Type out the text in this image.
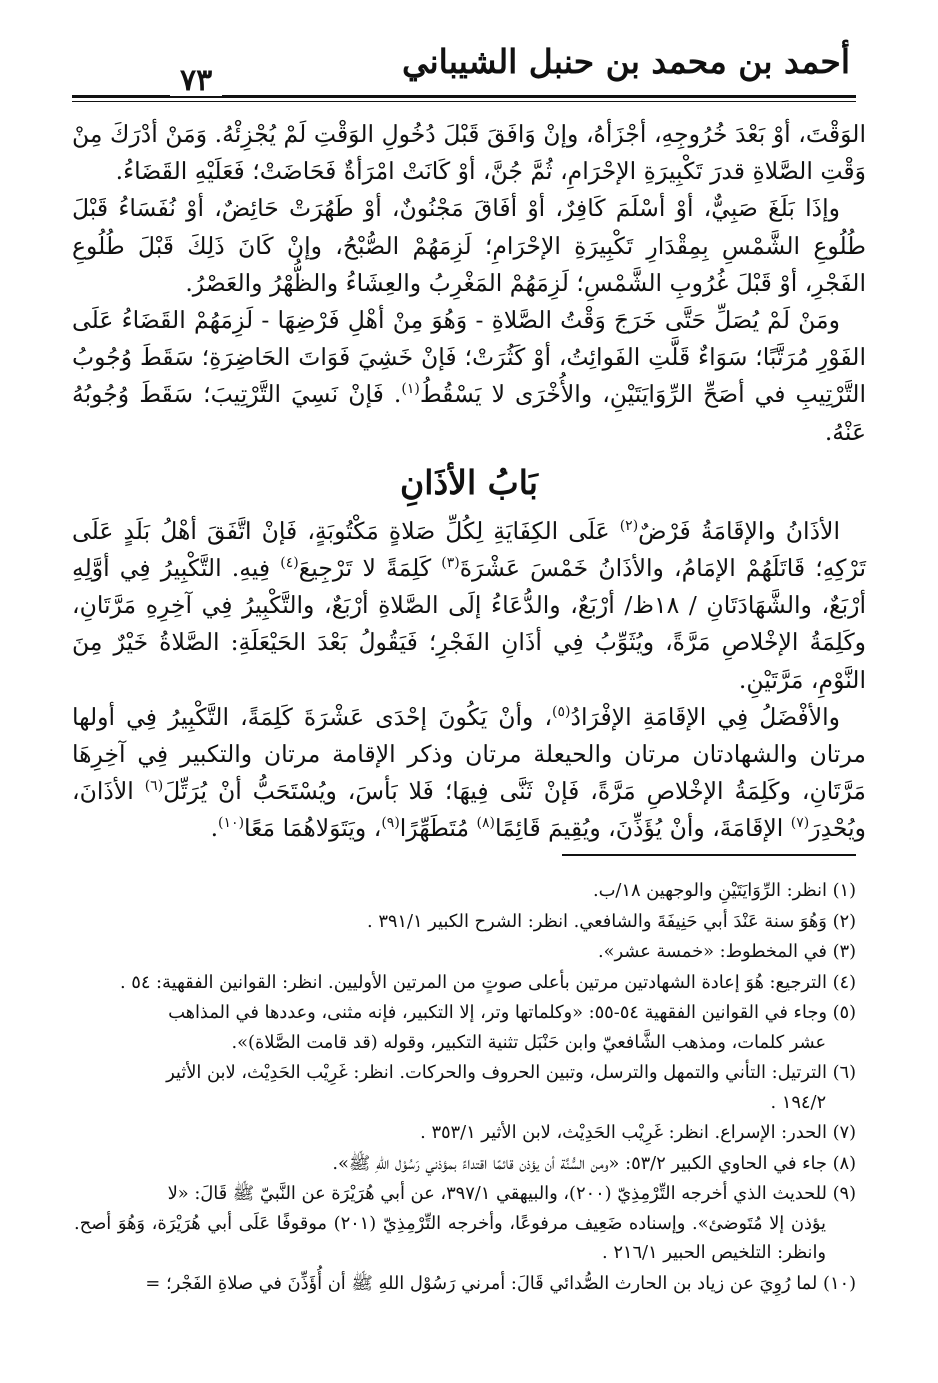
أحمد بن محمد بن حنبل الشيباني
٧٣

الوَقْتَ، أوْ بَعْدَ خُرُوجِهِ، أجْزَأهُ، وإنْ وَافَقَ قَبْلَ دُخُولِ الوَقْتِ لَمْ يُجْزِئْهُ. وَمَنْ أدْرَكَ مِنْ وَقْتِ الصَّلاةِ قدرَ تَكْبِيرَةِ الإحْرَامِ، ثُمَّ جُنَّ، أوْ كَانَتْ امْرَأةٌ فَحَاضَتْ؛ فَعَلَيْهِ القَضَاءُ.

وإذَا بَلَغَ صَبِيٌّ، أوْ أسْلَمَ كَافِرٌ، أوْ أفَاقَ مَجْنُونٌ، أوْ طَهُرَتْ حَائِضٌ، أوْ نُفَسَاءُ قَبْلَ طُلُوعِ الشَّمْسِ بِمِقْدَارِ تَكْبِيرَةِ الإحْرَامِ؛ لَزِمَهُمْ الصُّبْحُ، وإنْ كَانَ ذَلِكَ قَبْلَ طُلُوعِ الفَجْرِ، أوْ قَبْلَ غُرُوبِ الشَّمْسِ؛ لَزِمَهُمْ المَغْرِبُ والعِشَاءُ والظُّهْرُ والعَصْرُ.

ومَنْ لَمْ يُصَلِّ حَتَّى خَرَجَ وَقْتُ الصَّلاةِ - وَهُوَ مِنْ أهْلِ فَرْضِهَا - لَزِمَهُمْ القَضَاءُ عَلَى الفَوْرِ مُرَتَّبًا؛ سَوَاءٌ قَلَّتِ الفَوائِتُ، أوْ كَثُرَتْ؛ فَإنْ خَشِيَ فَوَاتَ الحَاضِرَةِ؛ سَقَطَ وُجُوبُ التَّرْتِيبِ في أصَحِّ الرِّوَايَتَيْنِ، والأُخْرَى لا يَسْقُطُ$^{(١)}$. فَإنْ نَسِيَ التَّرْتِيبَ؛ سَقَطَ وُجُوبُهُ عَنْهُ.

بَابُ الأذَانِ

الأذَانُ والإقَامَةُ فَرْضٌ$^{(٢)}$ عَلَى الكِفَايَةِ لِكُلِّ صَلاةٍ مَكْتُوبَةٍ، فَإنْ اتَّفَقَ أهْلُ بَلَدٍ عَلَى تَرْكِهِ؛ قَاتَلَهُمْ الإمَامُ، والأذَانُ خَمْسَ عَشْرَةَ$^{(٣)}$ كَلِمَةً لا تَرْجِيعَ$^{(٤)}$ فِيهِ. التَّكْبِيرُ فِي أوَّلِهِ أرْبَعٌ، والشَّهَادَتَانِ / ١٨ظ/ أرْبَعٌ، والدُّعَاءُ إلَى الصَّلاةِ أرْبَعٌ، والتَّكْبِيرُ فِي آخِرِهِ مَرَّتَانِ، وكَلِمَةُ الإخْلاصِ مَرَّةً، ويُثَوِّبُ فِي أذَانِ الفَجْرِ؛ فَيَقُولُ بَعْدَ الحَيْعَلَةِ: الصَّلاةُ خَيْرٌ مِنَ النَّوْمِ، مَرَّتَيْنِ.

والأفْضَلُ فِي الإقَامَةِ الإفْرَادُ$^{(٥)}$، وأنْ يَكُونَ إحْدَى عَشْرَةَ كَلِمَةً، التَّكْبِيرُ فِي أولها مرتان والشهادتان مرتان والحيعلة مرتان وذكر الإقامة مرتان والتكبير فِي آخِرِهَا مَرَّتَانِ، وكَلِمَةُ الإخْلاصِ مَرَّةً، فَإنْ ثَنَّى فِيهَا؛ فَلا بَأسَ، ويُسْتَحَبُّ أنْ يُرَتِّلَ$^{(٦)}$ الأذَانَ، ويُحْدِرَ$^{(٧)}$ الإقَامَةَ، وأنْ يُؤَذِّنَ، ويُقِيمَ قَائِمًا$^{(٨)}$ مُتَطَهِّرًا$^{(٩)}$، ويَتَوَلاهُمَا مَعًا$^{(١٠)}$.

(١) انظر: الرِّوَايَتَيْنِ والوجهين ١٨/ب.

(٢) وَهُوَ سنة عَنْدَ أبي حَنِيفَةَ والشافعي. انظر: الشرح الكبير ٣٩١/١ .

(٣) في المخطوط: «خمسة عشر».

(٤) الترجيع: هُوَ إعادة الشهادتين مرتين بأعلى صوتٍ من المرتين الأوليين. انظر: القوانين الفقهية: ٥٤ .

(٥) وجاء في القوانين الفقهية ٥٤-٥٥: «وكلماتها وتر، إلا التكبير، فإنه مثنى، وعددها في المذاهب
عشر كلمات، ومذهب الشَّافعيّ وابن حَنْبَل تثنية التكبير، وقوله (قد قامت الصَّلاة)».

(٦) الترتيل: التأني والتمهل والترسل، وتبين الحروف والحركات. انظر: غَرِيْب الحَدِيْث، لابن الأثير
١٩٤/٢ .

(٧) الحدر: الإسراع. انظر: غَرِيْب الحَدِيْث، لابن الأثير ٣٥٣/١ .

(٨) جاء في الحاوي الكبير ٥٣/٢: «ومن السُّنَّة أن يؤذن قائمًا اقتداءً بمؤذني رَسُوْل اللهِ ﷺ».

(٩) للحديث الذي أخرجه التِّرْمِذِيّ (٢٠٠)، والبيهقي ٣٩٧/١، عن أبي هُرَيْرَة عن النَّبيّ ﷺ قَالَ: «لا
يؤذن إلا مُتَوضئ». وإسناده ضَعِيف مرفوعًا، وأخرجه التِّرْمِذِيّ (٢٠١) موقوفًا عَلَى أبي هُرَيْرَة، وَهُوَ أصح. وانظر: التلخيص الحبير ٢١٦/١ .

(١٠) لما رُوِيَ عن زياد بن الحارث الصُّدائي قَالَ: أمرني رَسُوْل اللهِ ﷺ أن أُؤَذِّنَ في صلاةِ الفَجْر؛ =
